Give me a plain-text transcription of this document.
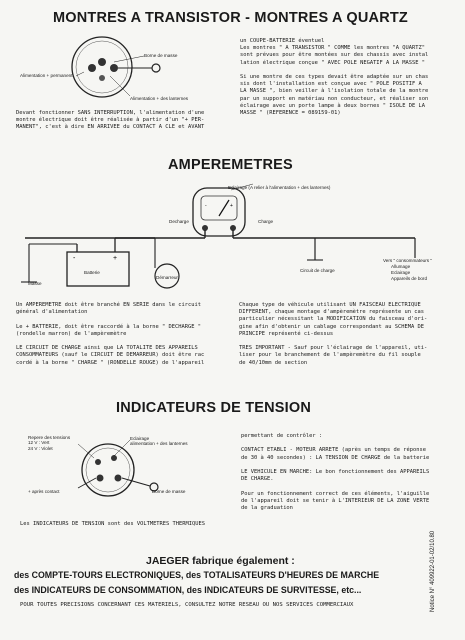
MONTRES A TRANSISTOR - MONTRES A QUARTZ
Borne de masse
Alimentation + permanent
Alimentation + des lanternes
Devant fonctionner SANS INTERRUPTION, l'alimentation d'une
montre électrique doit être réalisée à partir d'un "+ PER-
MANENT", c'est à dire EN ARRIVEE du CONTACT A CLE et AVANT
un COUPE-BATTERIE éventuel
Les montres " A TRANSISTOR " COMME les montres "A QUARTZ"
sont prévues pour être montées sur des chassis avec instal
lation électrique conçue " AVEC POLE NEGATIF A LA MASSE "

Si une montre de ces types devait être adaptée sur un chas
sis dont l'installation est conçue avec " POLE POSITIF A
LA MASSE ", bien veiller à l'isolation totale de la montre
par un support en matériau non conducteur, et réaliser son
éclairage avec un porte lampe à deux bornes " ISOLE DE LA
MASSE " (REFERENCE = 089159-01)
AMPEREMETRES
-	+
-	+
Eclairage (A relier à l'alimentation + des lanternes)
Decharge	Charge
Batterie
Démarreur
Masse
Circuit de charge
Vers " consommateurs "
Allumage
Eclairage
Appareils de bord
Un AMPEREMETRE doit être branché EN SERIE dans le circuit
général d'alimentation

Le + BATTERIE, doit être raccordé à la borne " DECHARGE "
(rondelle marron) de l'ampèremètre

LE CIRCUIT DE CHARGE ainsi que LA TOTALITE DES APPAREILS
CONSOMMATEURS (sauf le CIRCUIT DE DEMARREUR) doit être rac
cordé à la borne " CHARGE " (RONDELLE ROUGE) de l'appareil
Chaque type de véhicule utilisant UN FAISCEAU ELECTRIQUE
DIFFERENT, chaque montage d'ampèremètre représente un cas
particulier nécessitant la MODIFICATION du faisceau d'ori-
gine afin d'obtenir un cablage correspondant au SCHEMA DE
PRINCIPE représenté ci-dessus

TRES IMPORTANT - Sauf pour l'éclairage de l'appareil, uti-
liser pour le branchement de l'ampèremètre du fil souple
de 40/10mm de section
INDICATEURS DE TENSION
Repere des tensions
12 V : Vert
24 V : Violet
Eclairage
alimentation + des lanternes
+ après contact	Borne de masse
Les INDICATEURS DE TENSION sont des VOLTMETRES THERMIQUES
permettant de contrôler :

CONTACT ETABLI - MOTEUR ARRETE (après un temps de réponse
de 30 à 40 secondes) : LA TENSION DE CHARGE de la batterie

LE VEHICULE EN MARCHE: Le bon fonctionnement des APPAREILS
DE CHARGE.

Pour un fonctionnement correct de ces éléments, l'aiguille
de l'appareil doit se tenir à L'INTERIEUR DE LA ZONE VERTE
de la graduation
JAEGER fabrique également :
des COMPTE-TOURS ELECTRONIQUES, des TOTALISATEURS D'HEURES DE MARCHE
des INDICATEURS DE CONSOMMATION, des INDICATEURS DE SURVITESSE, etc...
POUR TOUTES PRECISIONS CONCERNANT CES MATERIELS, CONSULTEZ NOTRE RESEAU OU NOS SERVICES COMMERCIAUX	Notice N° 409922-01-02/10.80
